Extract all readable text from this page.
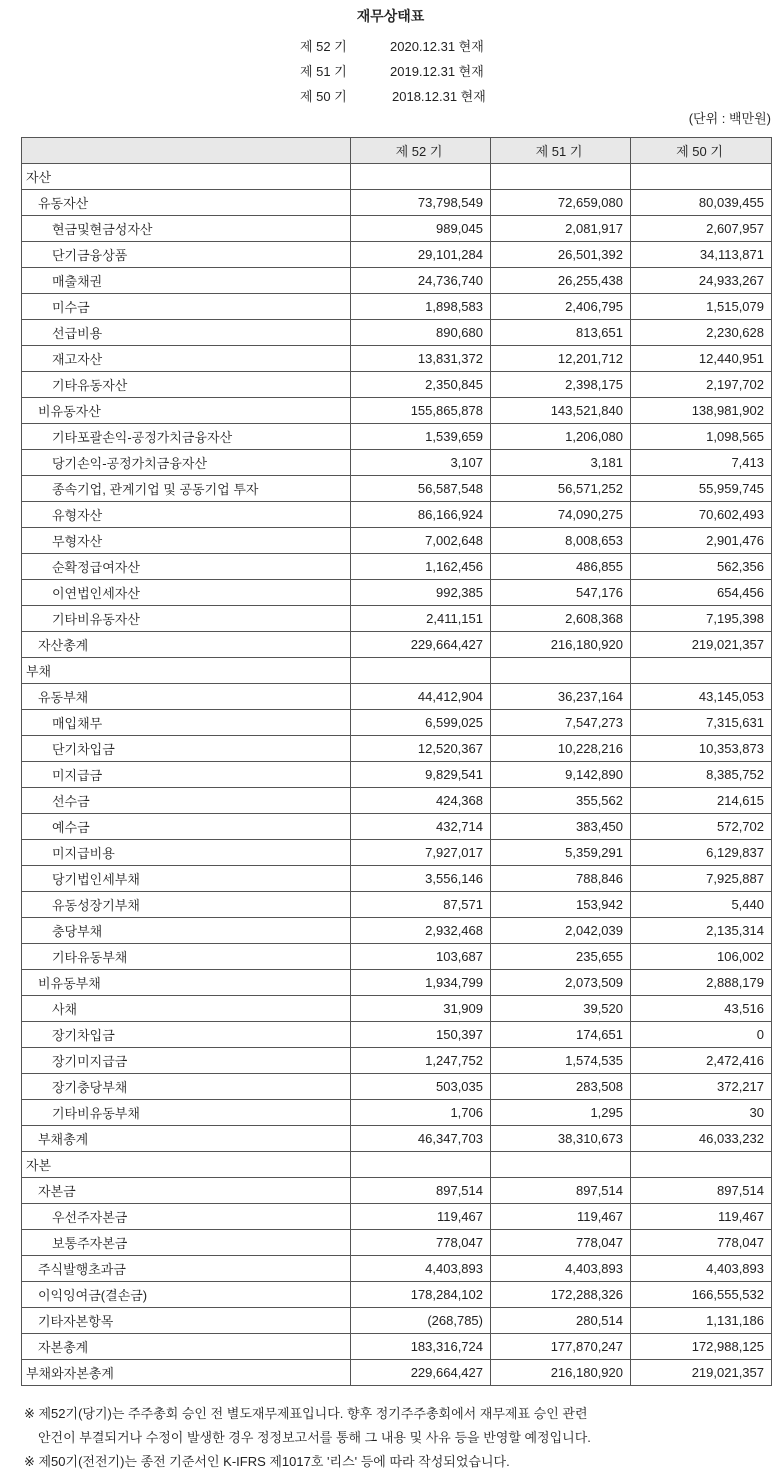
재무상태표
제 52 기	2020.12.31 현재
제 51 기	2019.12.31 현재
제 50 기	2018.12.31 현재
(단위 : 백만원)
	제 52 기	제 51 기	제 50 기
자산			
유동자산	73,798,549	72,659,080	80,039,455
현금및현금성자산	989,045	2,081,917	2,607,957
단기금융상품	29,101,284	26,501,392	34,113,871
매출채권	24,736,740	26,255,438	24,933,267
미수금	1,898,583	2,406,795	1,515,079
선급비용	890,680	813,651	2,230,628
재고자산	13,831,372	12,201,712	12,440,951
기타유동자산	2,350,845	2,398,175	2,197,702
비유동자산	155,865,878	143,521,840	138,981,902
기타포괄손익-공정가치금융자산	1,539,659	1,206,080	1,098,565
당기손익-공정가치금융자산	3,107	3,181	7,413
종속기업, 관계기업 및 공동기업 투자	56,587,548	56,571,252	55,959,745
유형자산	86,166,924	74,090,275	70,602,493
무형자산	7,002,648	8,008,653	2,901,476
순확정급여자산	1,162,456	486,855	562,356
이연법인세자산	992,385	547,176	654,456
기타비유동자산	2,411,151	2,608,368	7,195,398
자산총계	229,664,427	216,180,920	219,021,357
부채			
유동부채	44,412,904	36,237,164	43,145,053
매입채무	6,599,025	7,547,273	7,315,631
단기차입금	12,520,367	10,228,216	10,353,873
미지급금	9,829,541	9,142,890	8,385,752
선수금	424,368	355,562	214,615
예수금	432,714	383,450	572,702
미지급비용	7,927,017	5,359,291	6,129,837
당기법인세부채	3,556,146	788,846	7,925,887
유동성장기부채	87,571	153,942	5,440
충당부채	2,932,468	2,042,039	2,135,314
기타유동부채	103,687	235,655	106,002
비유동부채	1,934,799	2,073,509	2,888,179
사채	31,909	39,520	43,516
장기차입금	150,397	174,651	0
장기미지급금	1,247,752	1,574,535	2,472,416
장기충당부채	503,035	283,508	372,217
기타비유동부채	1,706	1,295	30
부채총계	46,347,703	38,310,673	46,033,232
자본			
자본금	897,514	897,514	897,514
우선주자본금	119,467	119,467	119,467
보통주자본금	778,047	778,047	778,047
주식발행초과금	4,403,893	4,403,893	4,403,893
이익잉여금(결손금)	178,284,102	172,288,326	166,555,532
기타자본항목	(268,785)	280,514	1,131,186
자본총계	183,316,724	177,870,247	172,988,125
부채와자본총계	229,664,427	216,180,920	219,021,357
※ 제52기(당기)는 주주총회 승인 전 별도재무제표입니다. 향후 정기주주총회에서 재무제표 승인 관련
안건이 부결되거나 수정이 발생한 경우 정정보고서를 통해 그 내용 및 사유 등을 반영할 예정입니다.
※ 제50기(전전기)는 종전 기준서인 K-IFRS 제1017호 '리스' 등에 따라 작성되었습니다.
